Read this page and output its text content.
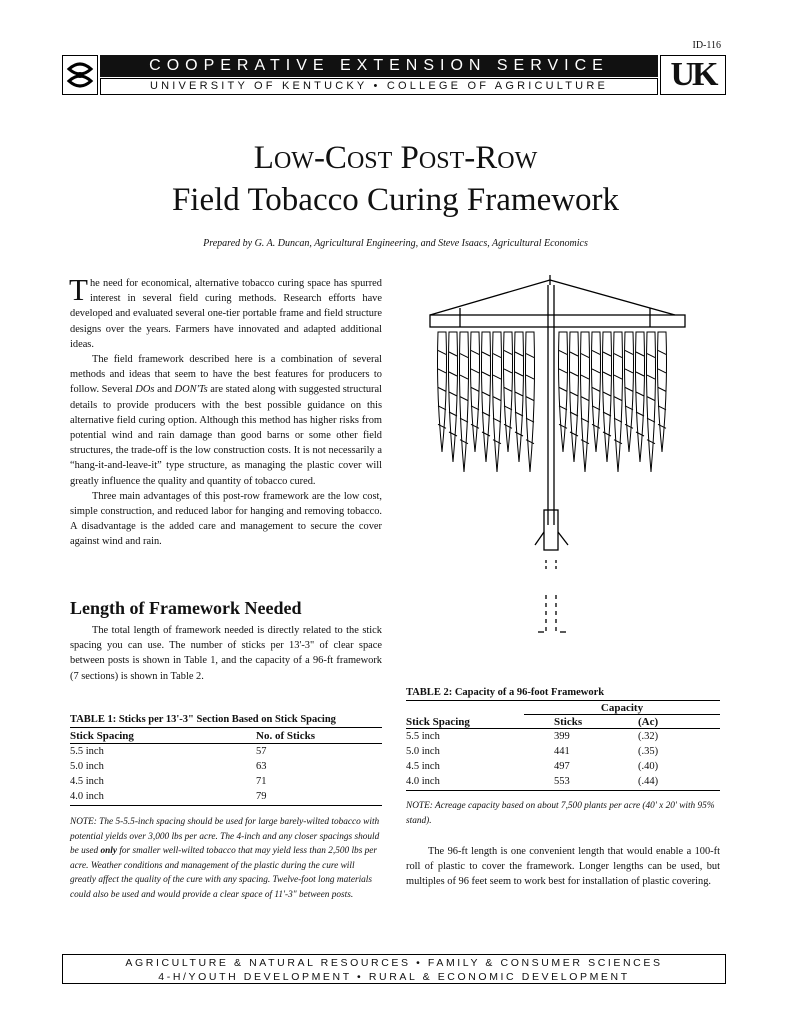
ID-116
COOPERATIVE EXTENSION SERVICE
UNIVERSITY OF KENTUCKY • COLLEGE OF AGRICULTURE	UK
LOW-COST POST-ROW
Field Tobacco Curing Framework
Prepared by G. A. Duncan, Agricultural Engineering, and Steve Isaacs, Agricultural Economics
The need for economical, alternative tobacco curing space has spurred interest in several field curing methods. Research efforts have developed and evaluated several one-tier portable frame and field structure designs over the years. Farmers have innovated and adapted additional ideas.
The field framework described here is a combination of several methods and ideas that seem to have the best features for producers to follow. Several DOs and DON'Ts are stated along with suggested structural details to provide producers with the best possible guidance on this alternative field curing option. Although this method has higher risks from potential wind and rain damage than good barns or some other field structures, the trade-off is the low construction costs. It is not necessarily a “hang-it-and-leave-it” type structure, as managing the plastic cover will greatly influence the quality and quantity of tobacco cured.
Three main advantages of this post-row framework are the low cost, simple construction, and reduced labor for hanging and removing tobacco. A disadvantage is the added care and management to secure the cover against wind and rain.
Length of Framework Needed
The total length of framework needed is directly related to the stick spacing you can use. The number of sticks per 13'-3" of clear space between posts is shown in Table 1, and the capacity of a 96-ft framework (7 sections) is shown in Table 2.
TABLE 1: Sticks per 13'-3" Section Based on Stick Spacing
Stick Spacing	No. of Sticks
5.5 inch	57
5.0 inch	63
4.5 inch	71
4.0 inch	79
NOTE: The 5-5.5-inch spacing should be used for large barely-wilted tobacco with potential yields over 3,000 lbs per acre. The 4-inch and any closer spacings should be used only for smaller well-wilted tobacco that may yield less than 2,500 lbs per acre. Weather conditions and management of the plastic during the cure will greatly affect the quality of the cure with any spacing. Twelve-foot long materials could also be used and would provide a clear space of 11'-3" between posts.
TABLE 2: Capacity of a 96-foot Framework
Capacity
Stick Spacing	Sticks	(Ac)
5.5 inch	399	(.32)
5.0 inch	441	(.35)
4.5 inch	497	(.40)
4.0 inch	553	(.44)
NOTE: Acreage capacity based on about 7,500 plants per acre (40' x 20' with 95% stand).
The 96-ft length is one convenient length that would enable a 100-ft roll of plastic to cover the framework. Longer lengths can be used, but multiples of 96 feet seem to work best for installation of plastic covering.
AGRICULTURE & NATURAL RESOURCES • FAMILY & CONSUMER SCIENCES
4-H/YOUTH DEVELOPMENT • RURAL & ECONOMIC DEVELOPMENT
